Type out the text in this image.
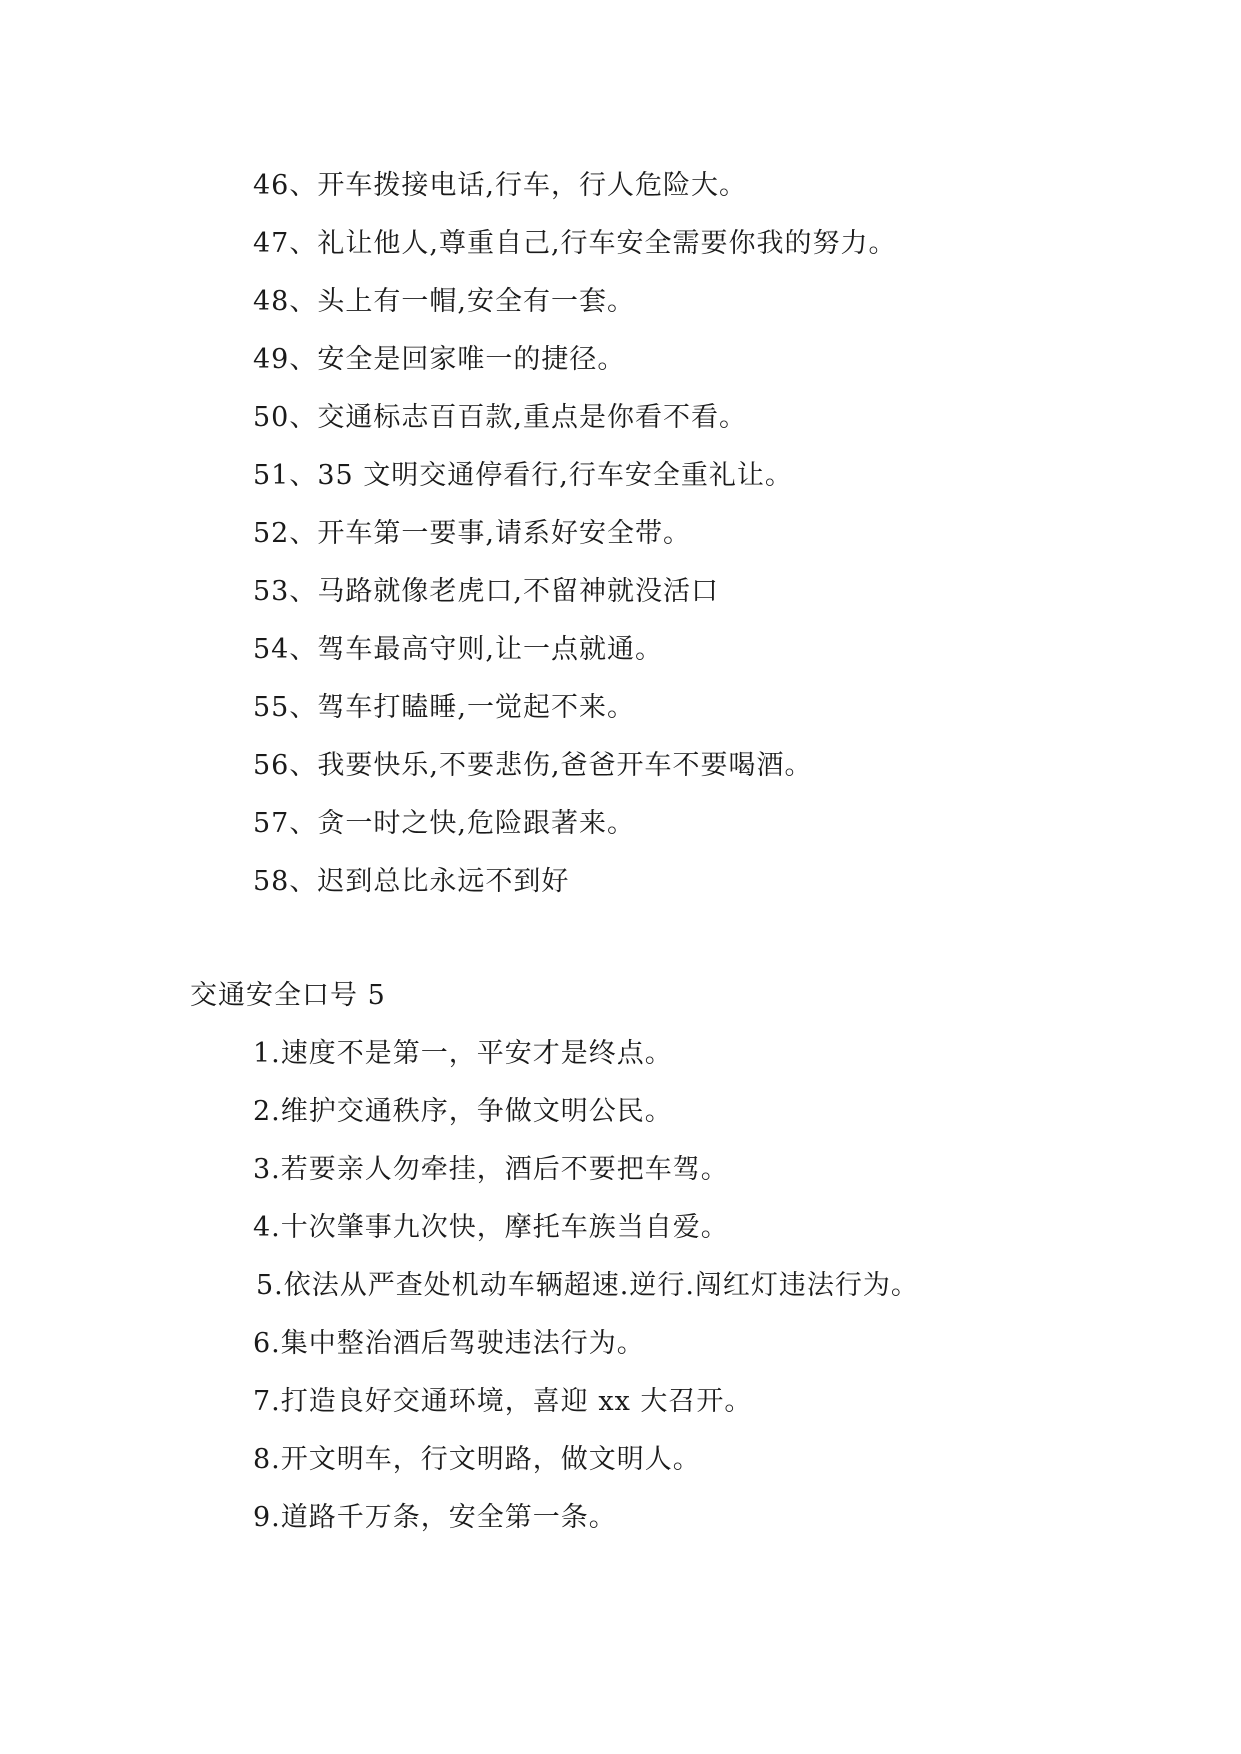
46、开车拨接电话,行车，行人危险大。
47、礼让他人,尊重自己,行车安全需要你我的努力。
48、头上有一帽,安全有一套。
49、安全是回家唯一的捷径。
50、交通标志百百款,重点是你看不看。
51、35 文明交通停看行,行车安全重礼让。
52、开车第一要事,请系好安全带。
53、马路就像老虎口,不留神就没活口
54、驾车最高守则,让一点就通。
55、驾车打瞌睡,一觉起不来。
56、我要快乐,不要悲伤,爸爸开车不要喝酒。
57、贪一时之快,危险跟著来。
58、迟到总比永远不到好
交通安全口号 5
1.速度不是第一，平安才是终点。
2.维护交通秩序，争做文明公民。
3.若要亲人勿牵挂，酒后不要把车驾。
4.十次肇事九次快，摩托车族当自爱。
5.依法从严查处机动车辆超速.逆行.闯红灯违法行为。
6.集中整治酒后驾驶违法行为。
7.打造良好交通环境，喜迎 xx 大召开。
8.开文明车，行文明路，做文明人。
9.道路千万条，安全第一条。
